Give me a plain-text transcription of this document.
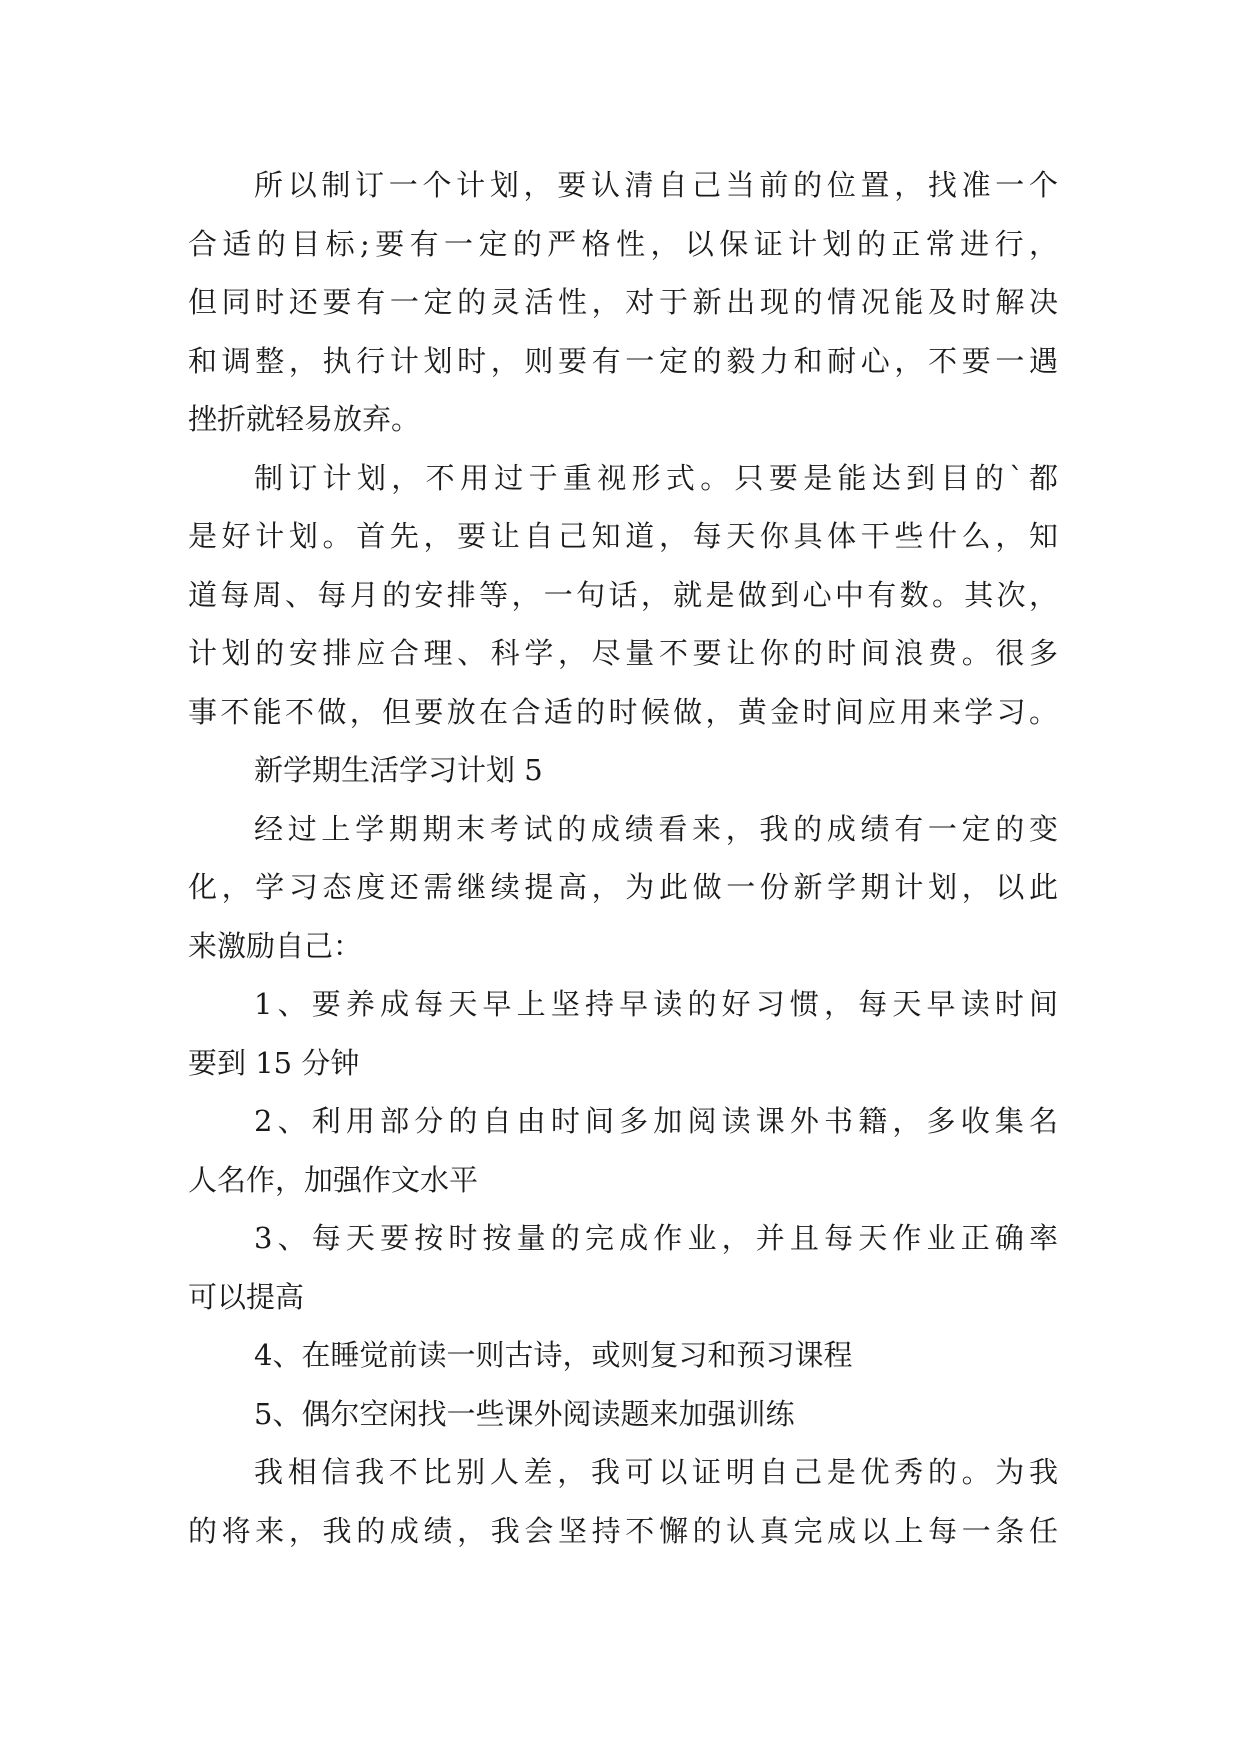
所以制订一个计划，要认清自己当前的位置，找准一个
合适的目标;要有一定的严格性，以保证计划的正常进行，
但同时还要有一定的灵活性，对于新出现的情况能及时解决
和调整，执行计划时，则要有一定的毅力和耐心，不要一遇
挫折就轻易放弃。
制订计划，不用过于重视形式。只要是能达到目的`都
是好计划。首先，要让自己知道，每天你具体干些什么，知
道每周、每月的安排等，一句话，就是做到心中有数。其次，
计划的安排应合理、科学，尽量不要让你的时间浪费。很多
事不能不做，但要放在合适的时候做，黄金时间应用来学习。
新学期生活学习计划 5
经过上学期期末考试的成绩看来，我的成绩有一定的变
化，学习态度还需继续提高，为此做一份新学期计划，以此
来激励自己：
1、要养成每天早上坚持早读的好习惯，每天早读时间
要到 15 分钟
2、利用部分的自由时间多加阅读课外书籍，多收集名
人名作，加强作文水平
3、每天要按时按量的完成作业，并且每天作业正确率
可以提高
4、在睡觉前读一则古诗，或则复习和预习课程
5、偶尔空闲找一些课外阅读题来加强训练
我相信我不比别人差，我可以证明自己是优秀的。为我
的将来，我的成绩，我会坚持不懈的认真完成以上每一条任
